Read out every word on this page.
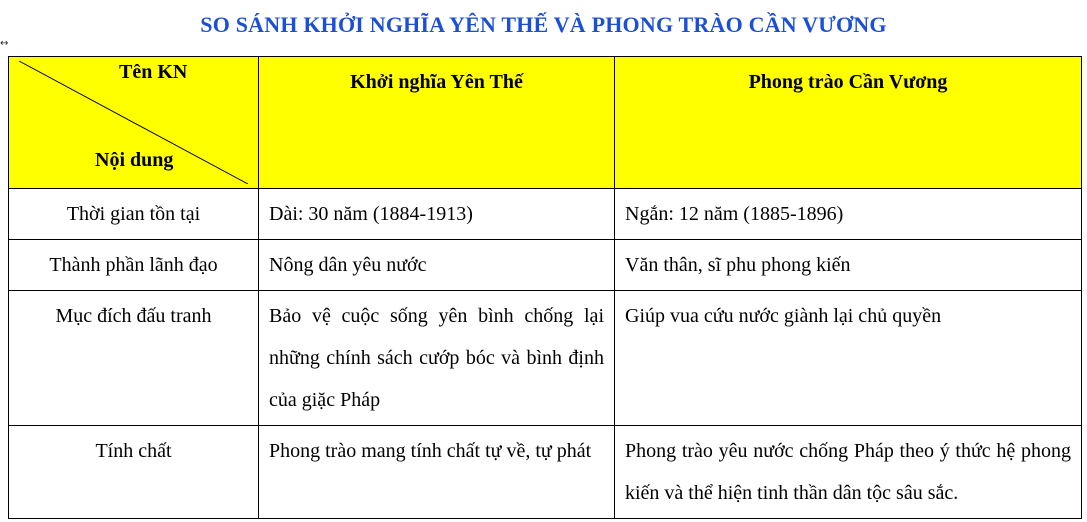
SO SÁNH KHỞI NGHĨA YÊN THẾ VÀ PHONG TRÀO CẦN VƯƠNG
↔
Tên KN
Nội dung	Khởi nghĩa Yên Thế	Phong trào Cần Vương
Thời gian tồn tại	Dài: 30 năm (1884-1913)	Ngắn: 12 năm (1885-1896)
Thành phần lãnh đạo	Nông dân yêu nước	Văn thân, sĩ phu phong kiến
Mục đích đấu tranh	Bảo vệ cuộc sống yên bình chống lại những chính sách cướp bóc và bình định của giặc Pháp	Giúp vua cứu nước giành lại chủ quyền
Tính chất	Phong trào mang tính chất tự về, tự phát	Phong trào yêu nước chống Pháp theo ý thức hệ phong kiến và thể hiện tinh thần dân tộc sâu sắc.
